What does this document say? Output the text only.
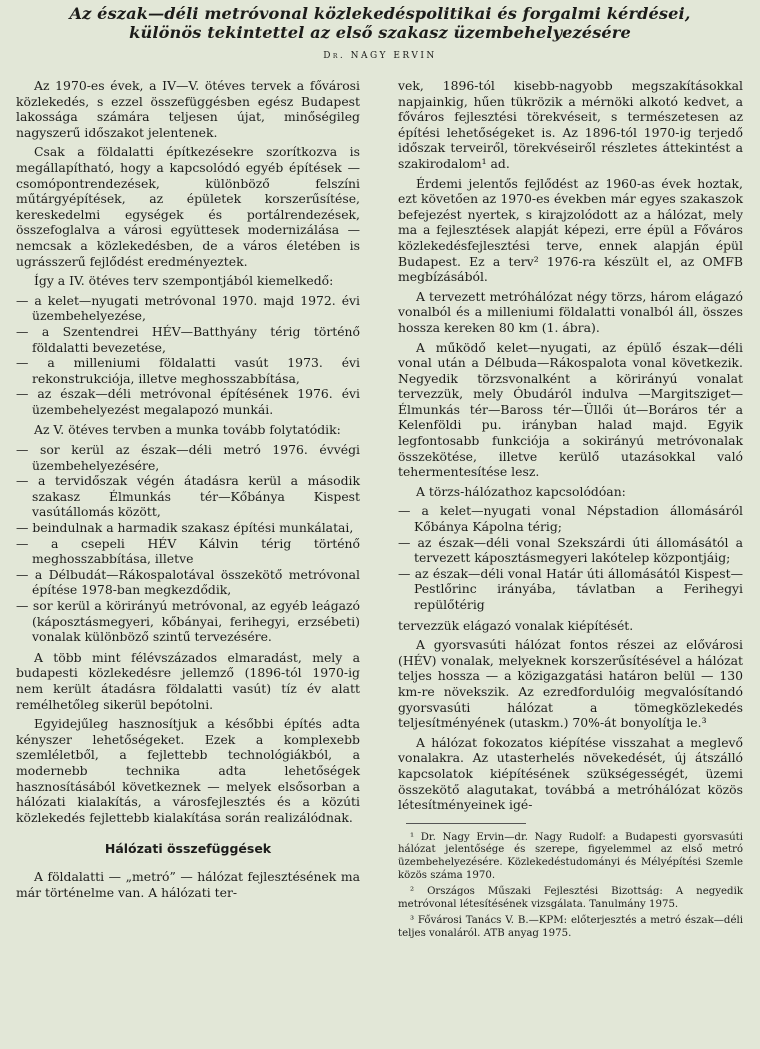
Az észak—déli metróvonal közlekedéspolitikai és forgalmi kérdései,
különös tekintettel az első szakasz üzembehelyezésére
Dr. NAGY ERVIN

Az 1970-es évek, a IV—V. ötéves tervek a fővárosi közlekedés, s ezzel összefüggésben egész Budapest lakossága számára teljesen újat, minőségileg nagyszerű időszakot jelentenek.

Csak a földalatti építkezésekre szorítkozva is megállapítható, hogy a kapcsolódó egyéb építések — csomópontrendezések, különböző felszíni műtárgyépítések, az épületek korszerűsítése, kereskedelmi egységek és portálrendezések, összefoglalva a városi együttesek modernizálása — nemcsak a közlekedésben, de a város életében is ugrásszerű fejlődést eredményeztek.

Így a IV. ötéves terv szempontjából kiemelkedő:

— a kelet—nyugati metróvonal 1970. majd 1972. évi üzembehelyezése,

— a Szentendrei HÉV—Batthyány térig történő földalatti bevezetése,

— a milleniumi földalatti vasút 1973. évi rekonstrukciója, illetve meghosszabbítása,

— az észak—déli metróvonal építésének 1976. évi üzembehelyezést megalapozó munkái.

Az V. ötéves tervben a munka tovább folytatódik:

— sor kerül az észak—déli metró 1976. évvégi üzembehelyezésére,

— a tervidőszak végén átadásra kerül a második szakasz Élmunkás tér—Kőbánya Kispest vasútállomás között,

— beindulnak a harmadik szakasz építési munkálatai,

— a csepeli HÉV Kálvin térig történő meghosszabbítása, illetve

— a Délbudát—Rákospalotával összekötő metróvonal építése 1978-ban megkezdődik,

— sor kerül a körirányú metróvonal, az egyéb leágazó (káposztásmegyeri, kőbányai, ferihegyi, erzsébeti) vonalak különböző szintű tervezésére.

A több mint félévszázados elmaradást, mely a budapesti közlekedésre jellemző (1896-tól 1970-ig nem került átadásra földalatti vasút) tíz év alatt remélhetőleg sikerül bepótolni.

Egyidejűleg hasznosítjuk a későbbi építés adta kényszer lehetőségeket. Ezek a komplexebb szemléletből, a fejlettebb technológiákból, a modernebb technika adta lehetőségek hasznosításából következnek — melyek elsősorban a hálózati kialakítás, a városfejlesztés és a közúti közlekedés fejlettebb kialakítása során realizálódnak.

Hálózati összefüggések

A földalatti — „metró” — hálózat fejlesztésének ma már történelme van. A hálózati ter-

vek, 1896-tól kisebb-nagyobb megszakításokkal napjainkig, hűen tükrözik a mérnöki alkotó kedvet, a főváros fejlesztési törekvéseit, s természetesen az építési lehetőségeket is. Az 1896-tól 1970-ig terjedő időszak terveiről, törekvéseiről részletes áttekintést a szakirodalom¹ ad.

Érdemi jelentős fejlődést az 1960-as évek hoztak, ezt követően az 1970-es években már egyes szakaszok befejezést nyertek, s kirajzolódott az a hálózat, mely ma a fejlesztések alapját képezi, erre épül a Főváros közlekedésfejlesztési terve, ennek alapján épül Budapest. Ez a terv² 1976-ra készült el, az OMFB megbízásából.

A tervezett metróhálózat négy törzs, három elágazó vonalból és a milleniumi földalatti vonalból áll, összes hossza kereken 80 km (1. ábra).

A működő kelet—nyugati, az épülő észak—déli vonal után a Délbuda—Rákospalota vonal következik. Negyedik törzsvonalként a körirányú vonalat tervezzük, mely Óbudáról indulva —Margitsziget—Élmunkás tér—Baross tér—Üllői út—Boráros tér a Kelenföldi pu. irányban halad majd. Egyik legfontosabb funkciója a sokirányú metróvonalak összekötése, illetve kerülő utazásokkal való tehermentesítése lesz.

A törzs-hálózathoz kapcsolódóan:

— a kelet—nyugati vonal Népstadion állomásáról Kőbánya Kápolna térig;

— az észak—déli vonal Szekszárdi úti állomásától a tervezett káposztásmegyeri lakótelep központjáig;

— az észak—déli vonal Határ úti állomásától Kispest—Pestlőrinc irányába, távlatban a Ferihegyi repülőtérig

tervezzük elágazó vonalak kiépítését.

A gyorsvasúti hálózat fontos részei az elővárosi (HÉV) vonalak, melyeknek korszerűsítésével a hálózat teljes hossza — a közigazgatási határon belül — 130 km-re növekszik. Az ezredfordulóig megvalósítandó gyorsvasúti hálózat a tömegközlekedés teljesítményének (utaskm.) 70%-át bonyolítja le.³

A hálózat fokozatos kiépítése visszahat a meglevő vonalakra. Az utasterhelés növekedését, új átszálló kapcsolatok kiépítésének szükségességét, üzemi összekötő alagutakat, továbbá a metróhálózat közös létesítményeinek igé-

¹ Dr. Nagy Ervin—dr. Nagy Rudolf: a Budapesti gyorsvasúti hálózat jelentősége és szerepe, figyelemmel az első metró üzembehelyezésére. Közlekedéstudományi és Mélyépítési Szemle közös száma 1970.

² Országos Műszaki Fejlesztési Bizottság: A negyedik metróvonal létesítésének vizsgálata. Tanulmány 1975.

³ Fővárosi Tanács V. B.—KPM: előterjesztés a metró észak—déli teljes vonaláról. ATB anyag 1975.
